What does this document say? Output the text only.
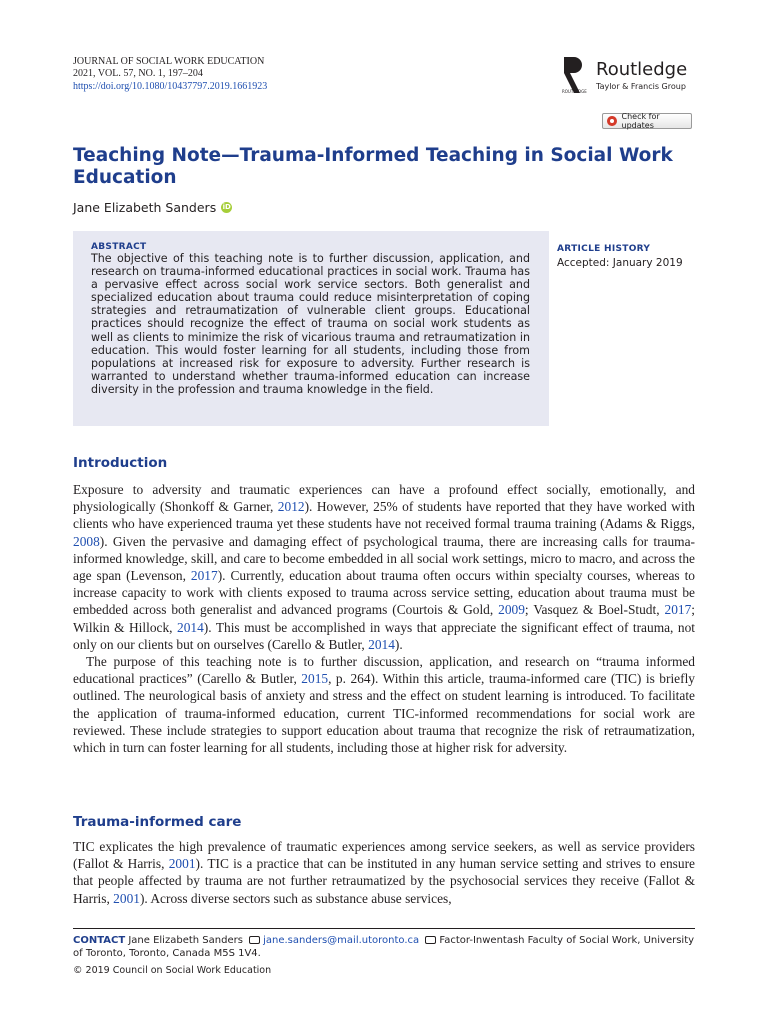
JOURNAL OF SOCIAL WORK EDUCATION
2021, VOL. 57, NO. 1, 197–204
https://doi.org/10.1080/10437797.2019.1661923	ROUTLEDGE
Routledge
Taylor & Francis Group
Check for updates
Teaching Note—Trauma-Informed Teaching in Social Work Education
Jane Elizabeth Sanders iD
ABSTRACT
The objective of this teaching note is to further discussion, application, and research on trauma-informed educational practices in social work. Trauma has a pervasive effect across social work service sectors. Both generalist and specialized education about trauma could reduce misinterpretation of coping strategies and retraumatization of vulnerable client groups. Educational practices should recognize the effect of trauma on social work students as well as clients to minimize the risk of vicarious trauma and retraumatization in education. This would foster learning for all students, including those from populations at increased risk for exposure to adversity. Further research is warranted to understand whether trauma-informed education can increase diversity in the profession and trauma knowledge in the field.
ARTICLE HISTORY
Accepted: January 2019
Introduction

Exposure to adversity and traumatic experiences can have a profound effect socially, emotionally, and physiologically (Shonkoff & Garner, 2012). However, 25% of students have reported that they have worked with clients who have experienced trauma yet these students have not received formal trauma training (Adams & Riggs, 2008). Given the pervasive and damaging effect of psychological trauma, there are increasing calls for trauma-informed knowledge, skill, and care to become embedded in all social work settings, micro to macro, and across the age span (Levenson, 2017). Currently, education about trauma often occurs within specialty courses, whereas to increase capacity to work with clients exposed to trauma across service setting, education about trauma must be embedded across both generalist and advanced programs (Courtois & Gold, 2009; Vasquez & Boel-Studt, 2017; Wilkin & Hillock, 2014). This must be accomplished in ways that appreciate the significant effect of trauma, not only on our clients but on ourselves (Carello & Butler, 2014).

The purpose of this teaching note is to further discussion, application, and research on “trauma informed educational practices” (Carello & Butler, 2015, p. 264). Within this article, trauma-informed care (TIC) is briefly outlined. The neurological basis of anxiety and stress and the effect on student learning is introduced. To facilitate the application of trauma-informed education, current TIC-informed recommendations for social work are reviewed. These include strategies to support education about trauma that recognize the risk of retraumatization, which in turn can foster learning for all students, including those at higher risk for adversity.

Trauma-informed care

TIC explicates the high prevalence of traumatic experiences among service seekers, as well as service providers (Fallot & Harris, 2001). TIC is a practice that can be instituted in any human service setting and strives to ensure that people affected by trauma are not further retraumatized by the psychosocial services they receive (Fallot & Harris, 2001). Across diverse sectors such as substance abuse services,

CONTACT Jane Elizabeth Sanders jane.sanders@mail.utoronto.ca Factor-Inwentash Faculty of Social Work, University of Toronto, Toronto, Canada M5S 1V4.
© 2019 Council on Social Work Education
